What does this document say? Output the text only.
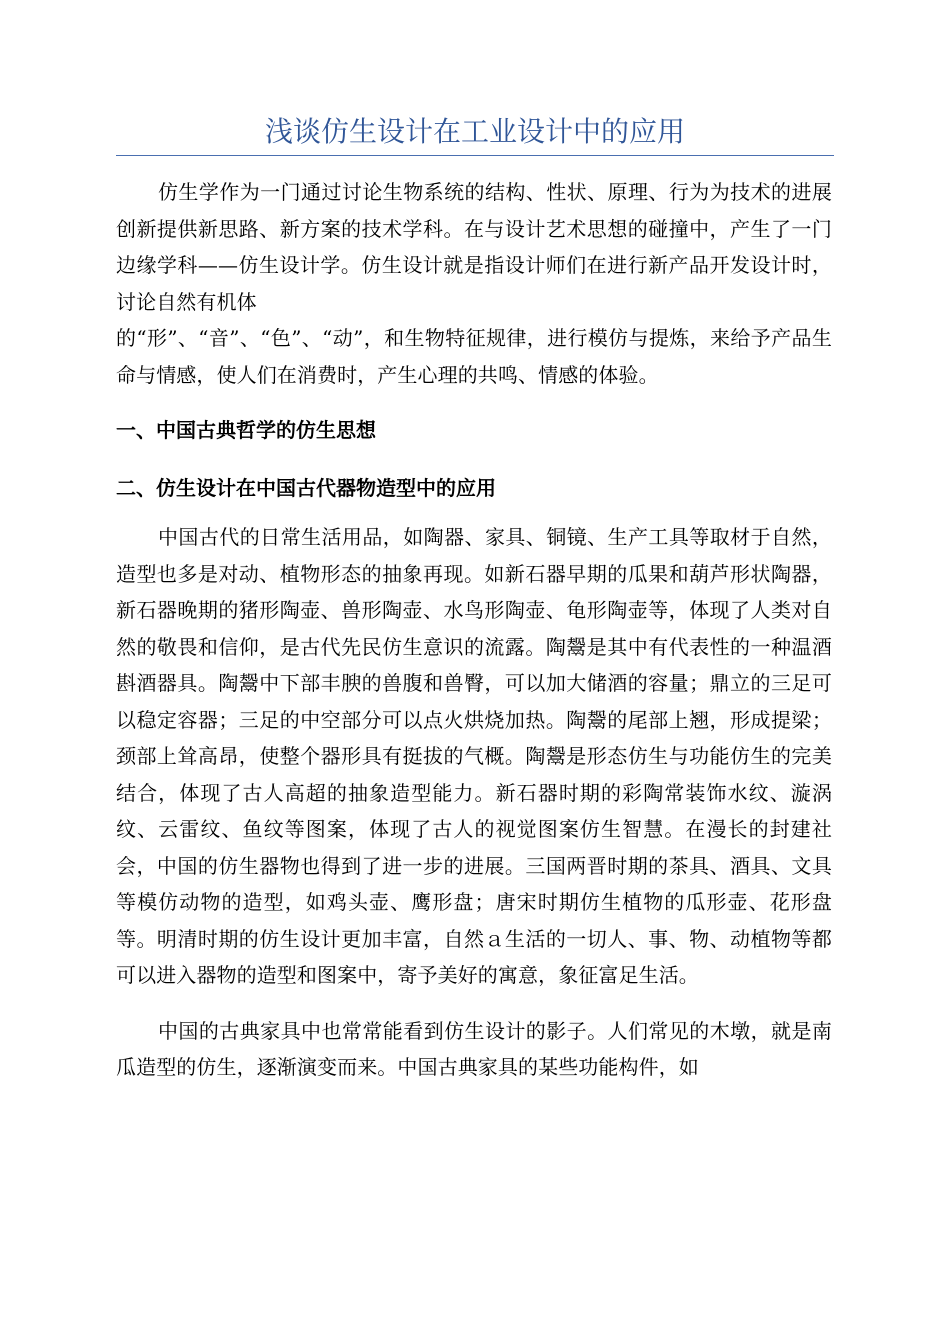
浅谈仿生设计在工业设计中的应用

仿生学作为一门通过讨论生物系统的结构、性状、原理、行为为技术的进展创新提供新思路、新方案的技术学科。在与设计艺术思想的碰撞中，产生了一门边缘学科——仿生设计学。仿生设计就是指设计师们在进行新产品开发设计时，讨论自然有机体

的“形”、“音”、“色”、“动”，和生物特征规律，进行模仿与提炼，来给予产品生命与情感，使人们在消费时，产生心理的共鸣、情感的体验。

一、中国古典哲学的仿生思想

二、仿生设计在中国古代器物造型中的应用

中国古代的日常生活用品，如陶器、家具、铜镜、生产工具等取材于自然，造型也多是对动、植物形态的抽象再现。如新石器早期的瓜果和葫芦形状陶器，新石器晚期的猪形陶壶、兽形陶壶、水鸟形陶壶、龟形陶壶等，体现了人类对自然的敬畏和信仰，是古代先民仿生意识的流露。陶鬶是其中有代表性的一种温酒斟酒器具。陶鬶中下部丰腴的兽腹和兽臀，可以加大储酒的容量；鼎立的三足可以稳定容器；三足的中空部分可以点火烘烧加热。陶鬶的尾部上翘，形成提梁；颈部上耸高昂，使整个器形具有挺拔的气概。陶鬶是形态仿生与功能仿生的完美结合，体现了古人高超的抽象造型能力。新石器时期的彩陶常装饰水纹、漩涡纹、云雷纹、鱼纹等图案，体现了古人的视觉图案仿生智慧。在漫长的封建社会，中国的仿生器物也得到了进一步的进展。三国两晋时期的茶具、酒具、文具等模仿动物的造型，如鸡头壶、鹰形盘；唐宋时期仿生植物的瓜形壶、花形盘等。明清时期的仿生设计更加丰富，自然ａ生活的一切人、事、物、动植物等都可以进入器物的造型和图案中，寄予美好的寓意，象征富足生活。

中国的古典家具中也常常能看到仿生设计的影子。人们常见的木墩，就是南瓜造型的仿生，逐渐演变而来。中国古典家具的某些功能构件，如
